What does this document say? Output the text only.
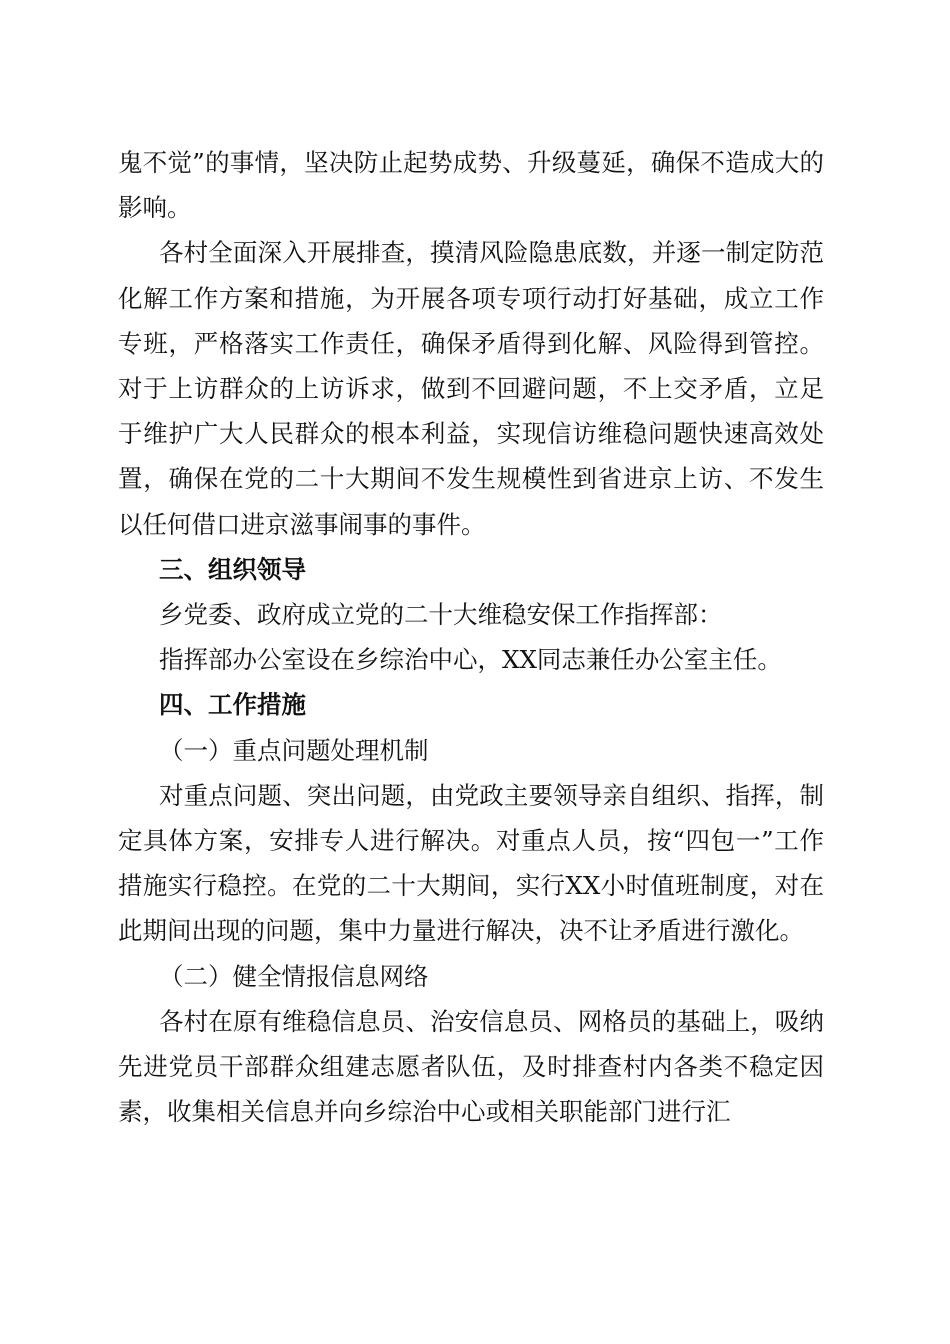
鬼不觉”的事情，坚决防止起势成势、升级蔓延，确保不造成大的影响。

各村全面深入开展排查，摸清风险隐患底数，并逐一制定防范化解工作方案和措施，为开展各项专项行动打好基础，成立工作专班，严格落实工作责任，确保矛盾得到化解、风险得到管控。对于上访群众的上访诉求，做到不回避问题，不上交矛盾，立足于维护广大人民群众的根本利益，实现信访维稳问题快速高效处置，确保在党的二十大期间不发生规模性到省进京上访、不发生以任何借口进京滋事闹事的事件。

三、组织领导

乡党委、政府成立党的二十大维稳安保工作指挥部：

指挥部办公室设在乡综治中心，XX同志兼任办公室主任。

四、工作措施

（一）重点问题处理机制

对重点问题、突出问题，由党政主要领导亲自组织、指挥，制定具体方案，安排专人进行解决。对重点人员，按“四包一”工作措施实行稳控。在党的二十大期间，实行XX小时值班制度，对在此期间出现的问题，集中力量进行解决，决不让矛盾进行激化。

（二）健全情报信息网络

各村在原有维稳信息员、治安信息员、网格员的基础上，吸纳先进党员干部群众组建志愿者队伍，及时排查村内各类不稳定因素，收集相关信息并向乡综治中心或相关职能部门进行汇
